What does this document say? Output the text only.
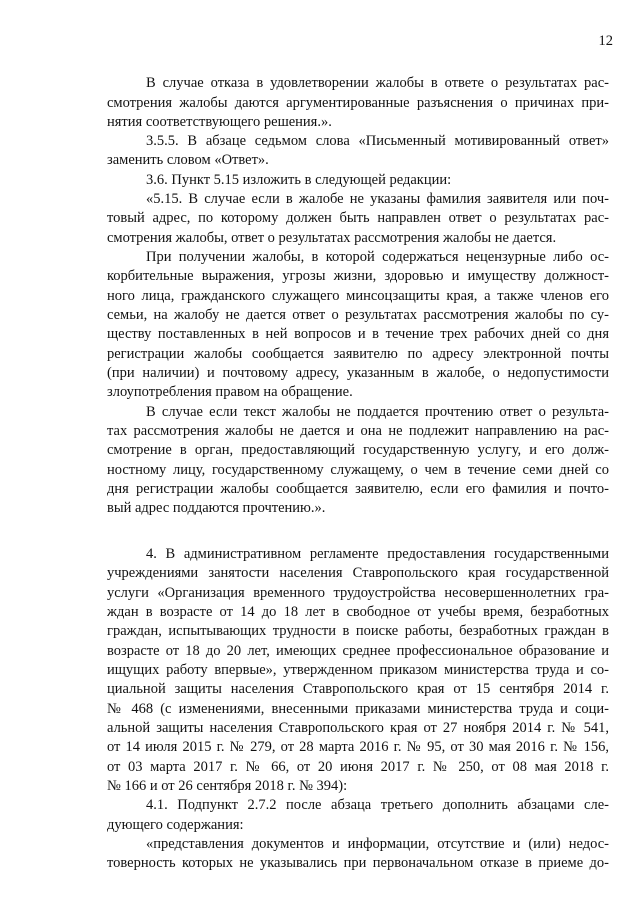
12
В случае отказа в удовлетворении жалобы в ответе о результатах рас-
смотрения жалобы даются аргументированные разъяснения о причинах при-
нятия соответствующего решения.».
3.5.5. В абзаце седьмом слова «Письменный мотивированный ответ»
заменить словом «Ответ».
3.6. Пункт 5.15 изложить в следующей редакции:
«5.15. В случае если в жалобе не указаны фамилия заявителя или поч-
товый адрес, по которому должен быть направлен ответ о результатах рас-
смотрения жалобы, ответ о результатах рассмотрения жалобы не дается.
При получении жалобы, в которой содержаться нецензурные либо ос-
корбительные выражения, угрозы жизни, здоровью и имуществу должност-
ного лица, гражданского служащего минсоцзащиты края, а также членов его
семьи, на жалобу не дается ответ о результатах рассмотрения жалобы по су-
ществу поставленных в ней вопросов и в течение трех рабочих дней со дня
регистрации жалобы сообщается заявителю по адресу электронной почты
(при наличии) и почтовому адресу, указанным в жалобе, о недопустимости
злоупотребления правом на обращение.
В случае если текст жалобы не поддается прочтению ответ о результа-
тах рассмотрения жалобы не дается и она не подлежит направлению на рас-
смотрение в орган, предоставляющий государственную услугу, и его долж-
ностному лицу, государственному служащему, о чем в течение семи дней со
дня регистрации жалобы сообщается заявителю, если его фамилия и почто-
вый адрес поддаются прочтению.».
4. В административном регламенте предоставления государственными
учреждениями занятости населения Ставропольского края государственной
услуги «Организация временного трудоустройства несовершеннолетних гра-
ждан в возрасте от 14 до 18 лет в свободное от учебы время, безработных
граждан, испытывающих трудности в поиске работы, безработных граждан в
возрасте от 18 до 20 лет, имеющих среднее профессиональное образование и
ищущих работу впервые», утвержденном приказом министерства труда и со-
циальной защиты населения Ставропольского края от 15 сентября 2014 г.
№ 468 (с изменениями, внесенными приказами министерства труда и соци-
альной защиты населения Ставропольского края от 27 ноября 2014 г. № 541,
от 14 июля 2015 г. № 279, от 28 марта 2016 г. № 95, от 30 мая 2016 г. № 156,
от 03 марта 2017 г. № 66, от 20 июня 2017 г. № 250, от 08 мая 2018 г.
№ 166 и от 26 сентября 2018 г. № 394):
4.1. Подпункт 2.7.2 после абзаца третьего дополнить абзацами сле-
дующего содержания:
«представления документов и информации, отсутствие и (или) недос-
товерность которых не указывались при первоначальном отказе в приеме до-
